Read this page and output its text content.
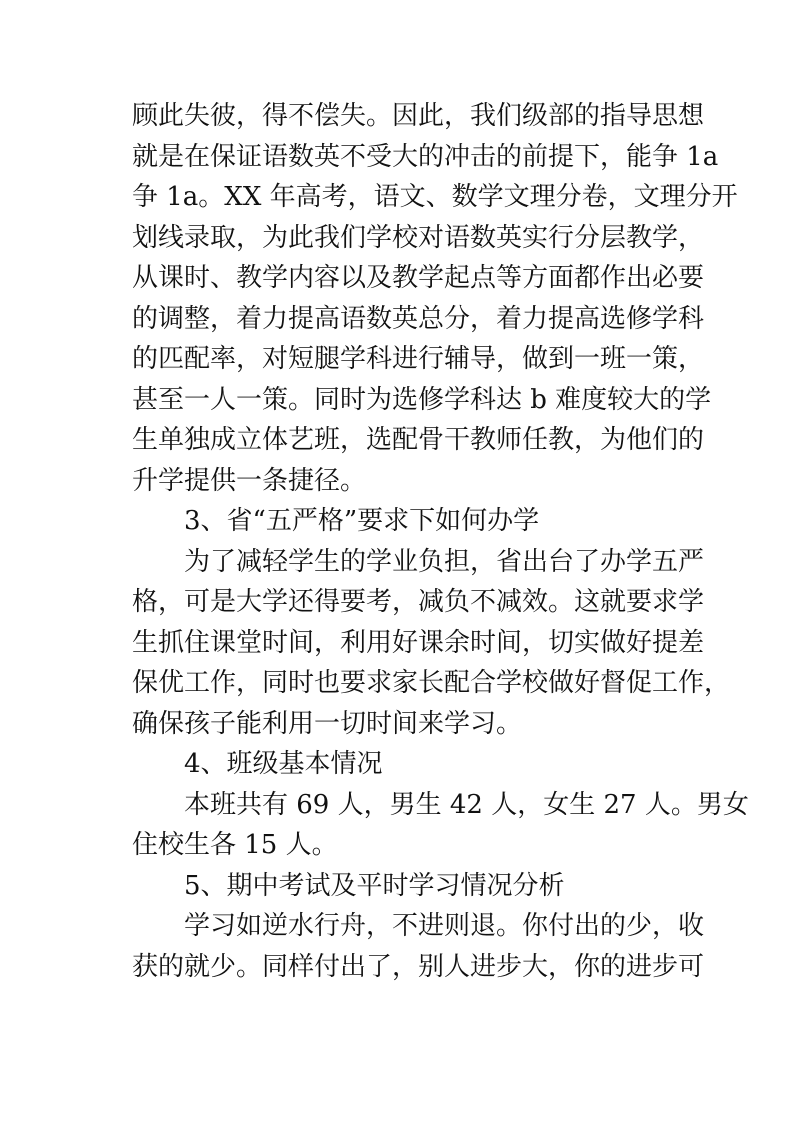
顾此失彼，得不偿失。因此，我们级部的指导思想
就是在保证语数英不受大的冲击的前提下，能争 1a
争 1a。XX 年高考，语文、数学文理分卷，文理分开
划线录取，为此我们学校对语数英实行分层教学，
从课时、教学内容以及教学起点等方面都作出必要
的调整，着力提高语数英总分，着力提高选修学科
的匹配率，对短腿学科进行辅导，做到一班一策，
甚至一人一策。同时为选修学科达 b 难度较大的学
生单独成立体艺班，选配骨干教师任教，为他们的
升学提供一条捷径。
3、省“五严格”要求下如何办学
为了减轻学生的学业负担，省出台了办学五严
格，可是大学还得要考，减负不减效。这就要求学
生抓住课堂时间，利用好课余时间，切实做好提差
保优工作，同时也要求家长配合学校做好督促工作，
确保孩子能利用一切时间来学习。
4、班级基本情况
本班共有 69 人，男生 42 人，女生 27 人。男女
住校生各 15 人。
5、期中考试及平时学习情况分析
学习如逆水行舟，不进则退。你付出的少，收
获的就少。同样付出了，别人进步大，你的进步可
